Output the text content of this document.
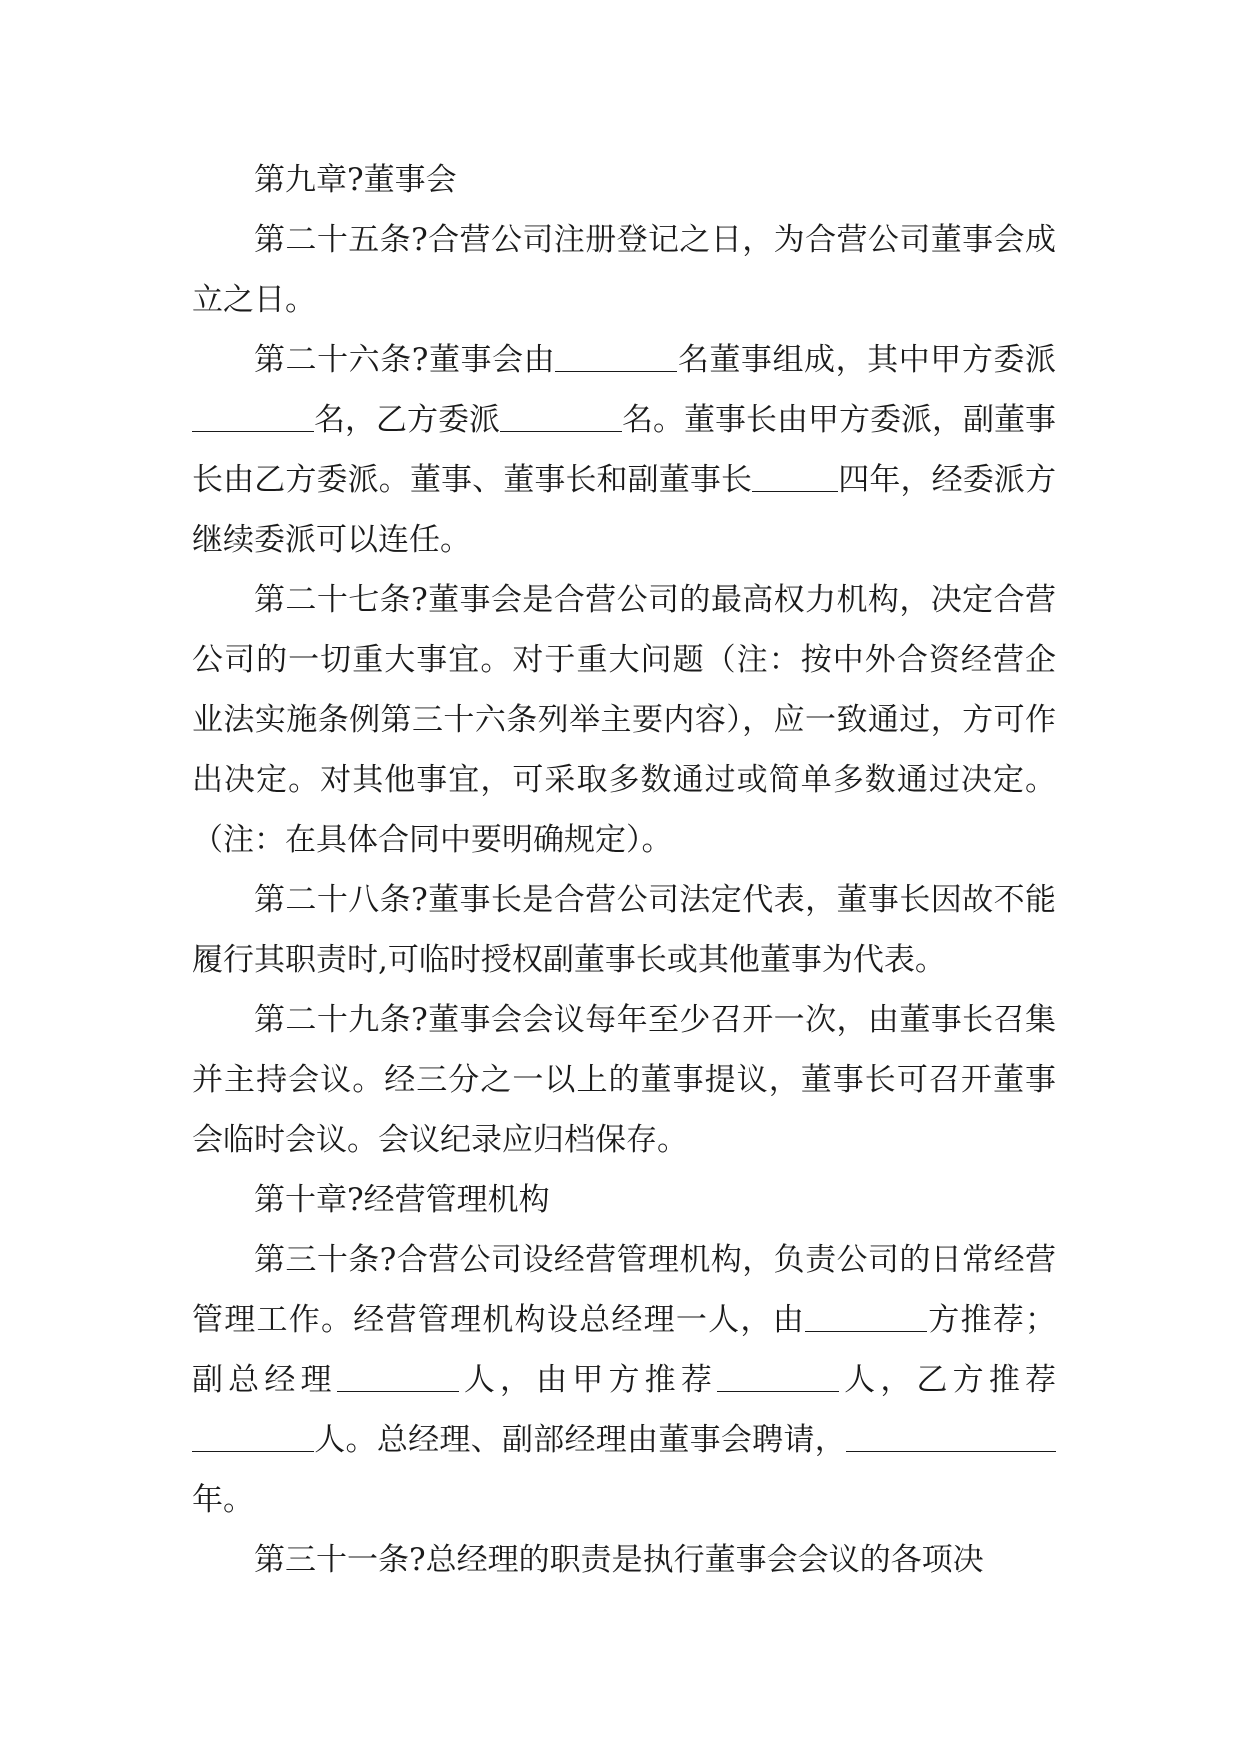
第九章?董事会

第二十五条?合营公司注册登记之日，为合营公司董事会成立之日。

第二十六条?董事会由	名董事组成，其中甲方委派名，乙方委派	名。董事长由甲方委派，副董事长由乙方委派。董事、董事长和副董事长	四年，经委派方继续委派可以连任。

第二十七条?董事会是合营公司的最高权力机构，决定合营公司的一切重大事宜。对于重大问题（注：按中外合资经营企业法实施条例第三十六条列举主要内容），应一致通过，方可作出决定。对其他事宜，可采取多数通过或简单多数通过决定。（注：在具体合同中要明确规定）。

第二十八条?董事长是合营公司法定代表，董事长因故不能履行其职责时,可临时授权副董事长或其他董事为代表。

第二十九条?董事会会议每年至少召开一次，由董事长召集并主持会议。经三分之一以上的董事提议，董事长可召开董事会临时会议。会议纪录应归档保存。

第十章?经营管理机构

第三十条?合营公司设经营管理机构，负责公司的日常经营管理工作。经营管理机构设总经理一人，由	方推荐；副总经理	人，由甲方推荐	人，乙方推荐人。总经理、副部经理由董事会聘请，年。

第三十一条?总经理的职责是执行董事会会议的各项决
